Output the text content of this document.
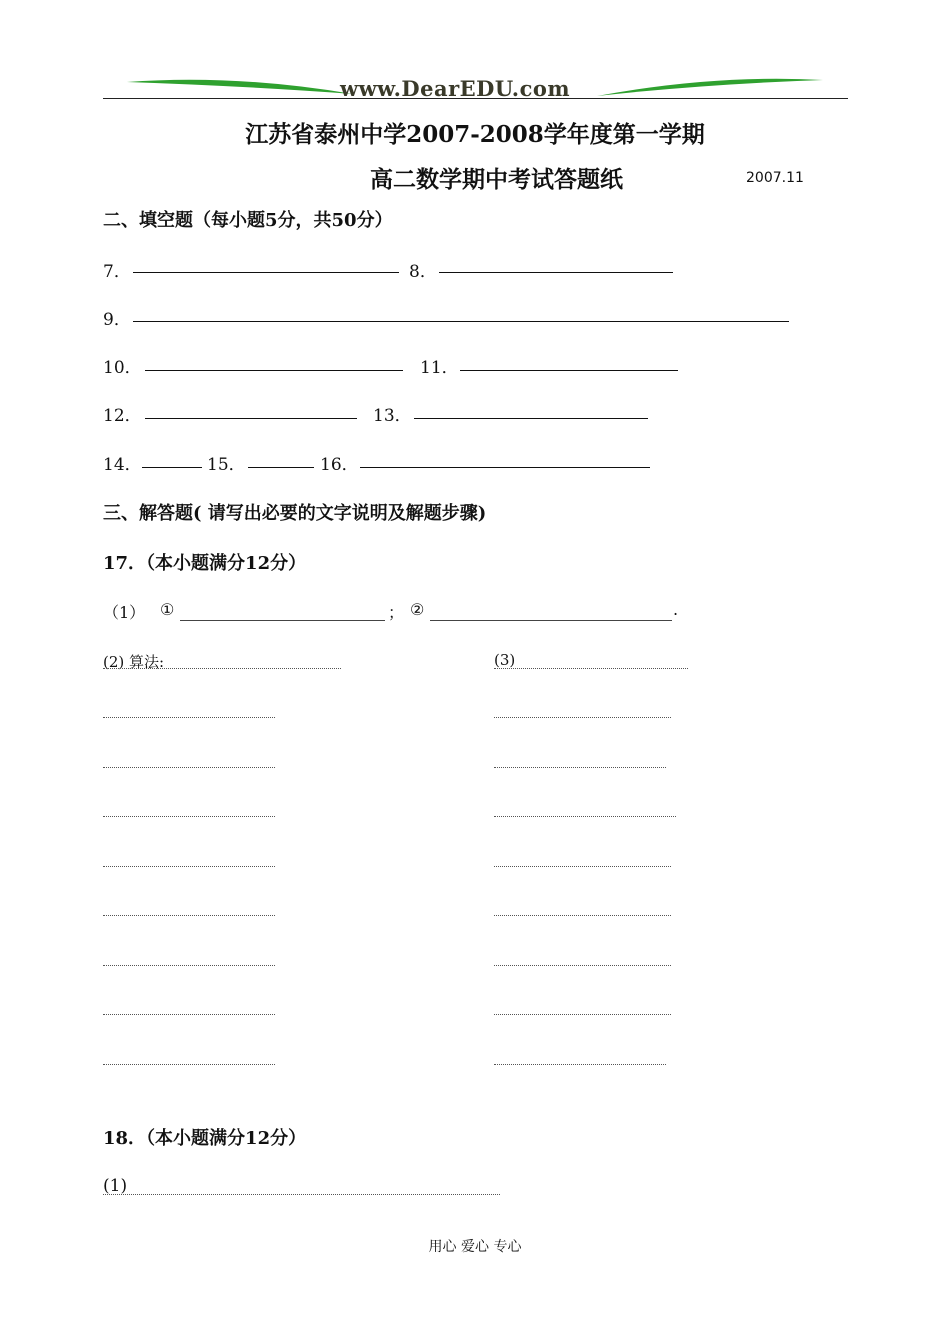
www.DearEDU.com
江苏省泰州中学2007-2008学年度第一学期
高二数学期中考试答题纸	2007.11
二、填空题（每小题5分，共50分）
7．	8．
9．
10．	11．
12．	13．
14．	15．	16．
三、解答题( 请写出必要的文字说明及解题步骤)
17．（本小题满分12分）
（1） ①	； ②	.
(2) 算法:	(3)
18．（本小题满分12分）
(1)
用心 爱心 专心
